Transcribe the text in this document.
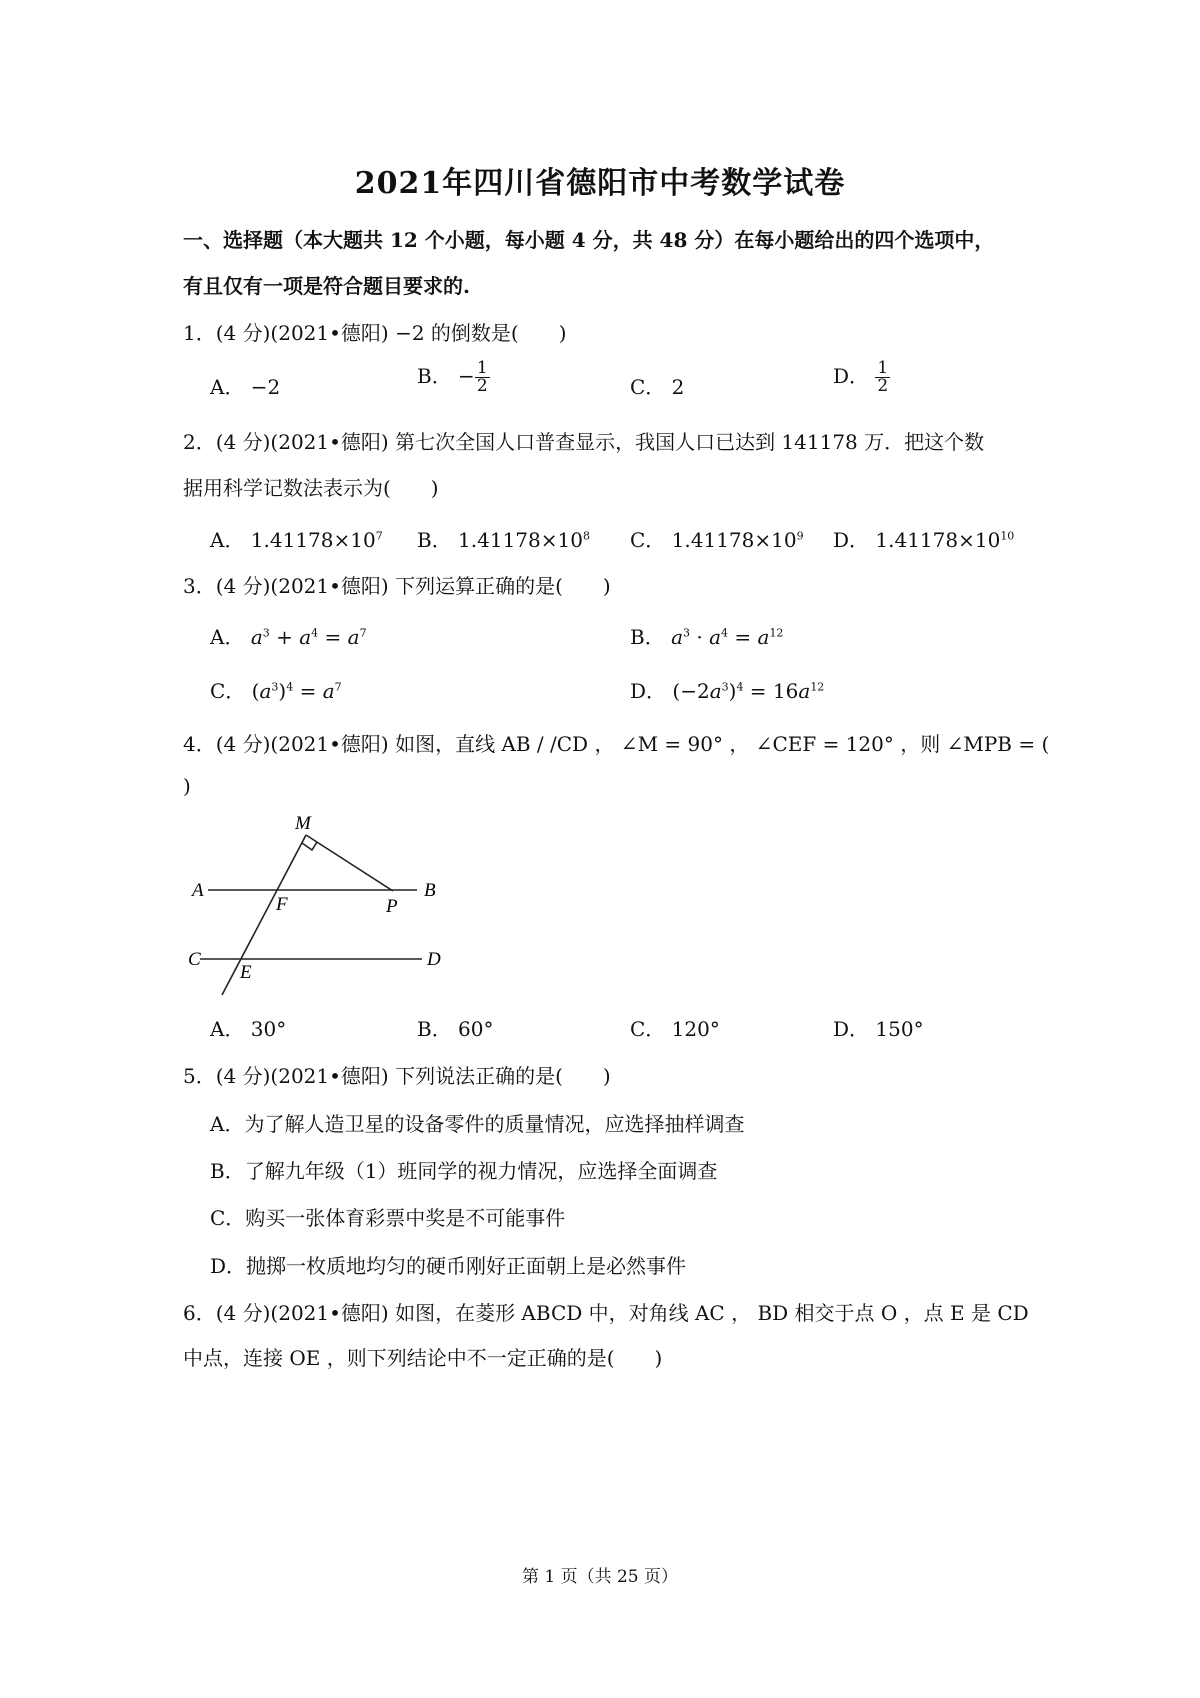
2021年四川省德阳市中考数学试卷
一、选择题（本大题共 12 个小题，每小题 4 分，共 48 分）在每小题给出的四个选项中，
有且仅有一项是符合题目要求的.
1．(4 分)(2021•德阳) −2 的倒数是(　　)
A． −2	B． − $\frac{1}{2}$	C． 2	D． $\frac{1}{2}$
2．(4 分)(2021•德阳) 第七次全国人口普查显示，我国人口已达到 141178 万．把这个数
据用科学记数法表示为(　　)
A． $1.41178\times 10^7$ B． $1.41178\times 10^8$ C． $1.41178\times 10^9$ D． $1.41178\times 10^{10}$
3．(4 分)(2021•德阳) 下列运算正确的是(　　)
A． $a^3 + a^4 = a^7$	B． $a^3 \cdot a^4 = a^{12}$
C． $(a^3)^4 = a^7$	D． $(-2a^3)^4 = 16a^{12}$
4．(4 分)(2021•德阳) 如图，直线 AB / /CD ， ∠M = 90° ， ∠CEF = 120° ，则 ∠MPB = (
)
M
A
F	P
B
C
E
D
A． 30°	B． 60°	C． 120°	D． 150°
5．(4 分)(2021•德阳) 下列说法正确的是(　　)
A．为了解人造卫星的设备零件的质量情况，应选择抽样调查
B．了解九年级（1）班同学的视力情况，应选择全面调查
C．购买一张体育彩票中奖是不可能事件
D．抛掷一枚质地均匀的硬币刚好正面朝上是必然事件
6．(4 分)(2021•德阳) 如图，在菱形 ABCD 中，对角线 AC ， BD 相交于点 O ，点 E 是 CD
中点，连接 OE ，则下列结论中不一定正确的是(　　)
第 1 页（共 25 页）
